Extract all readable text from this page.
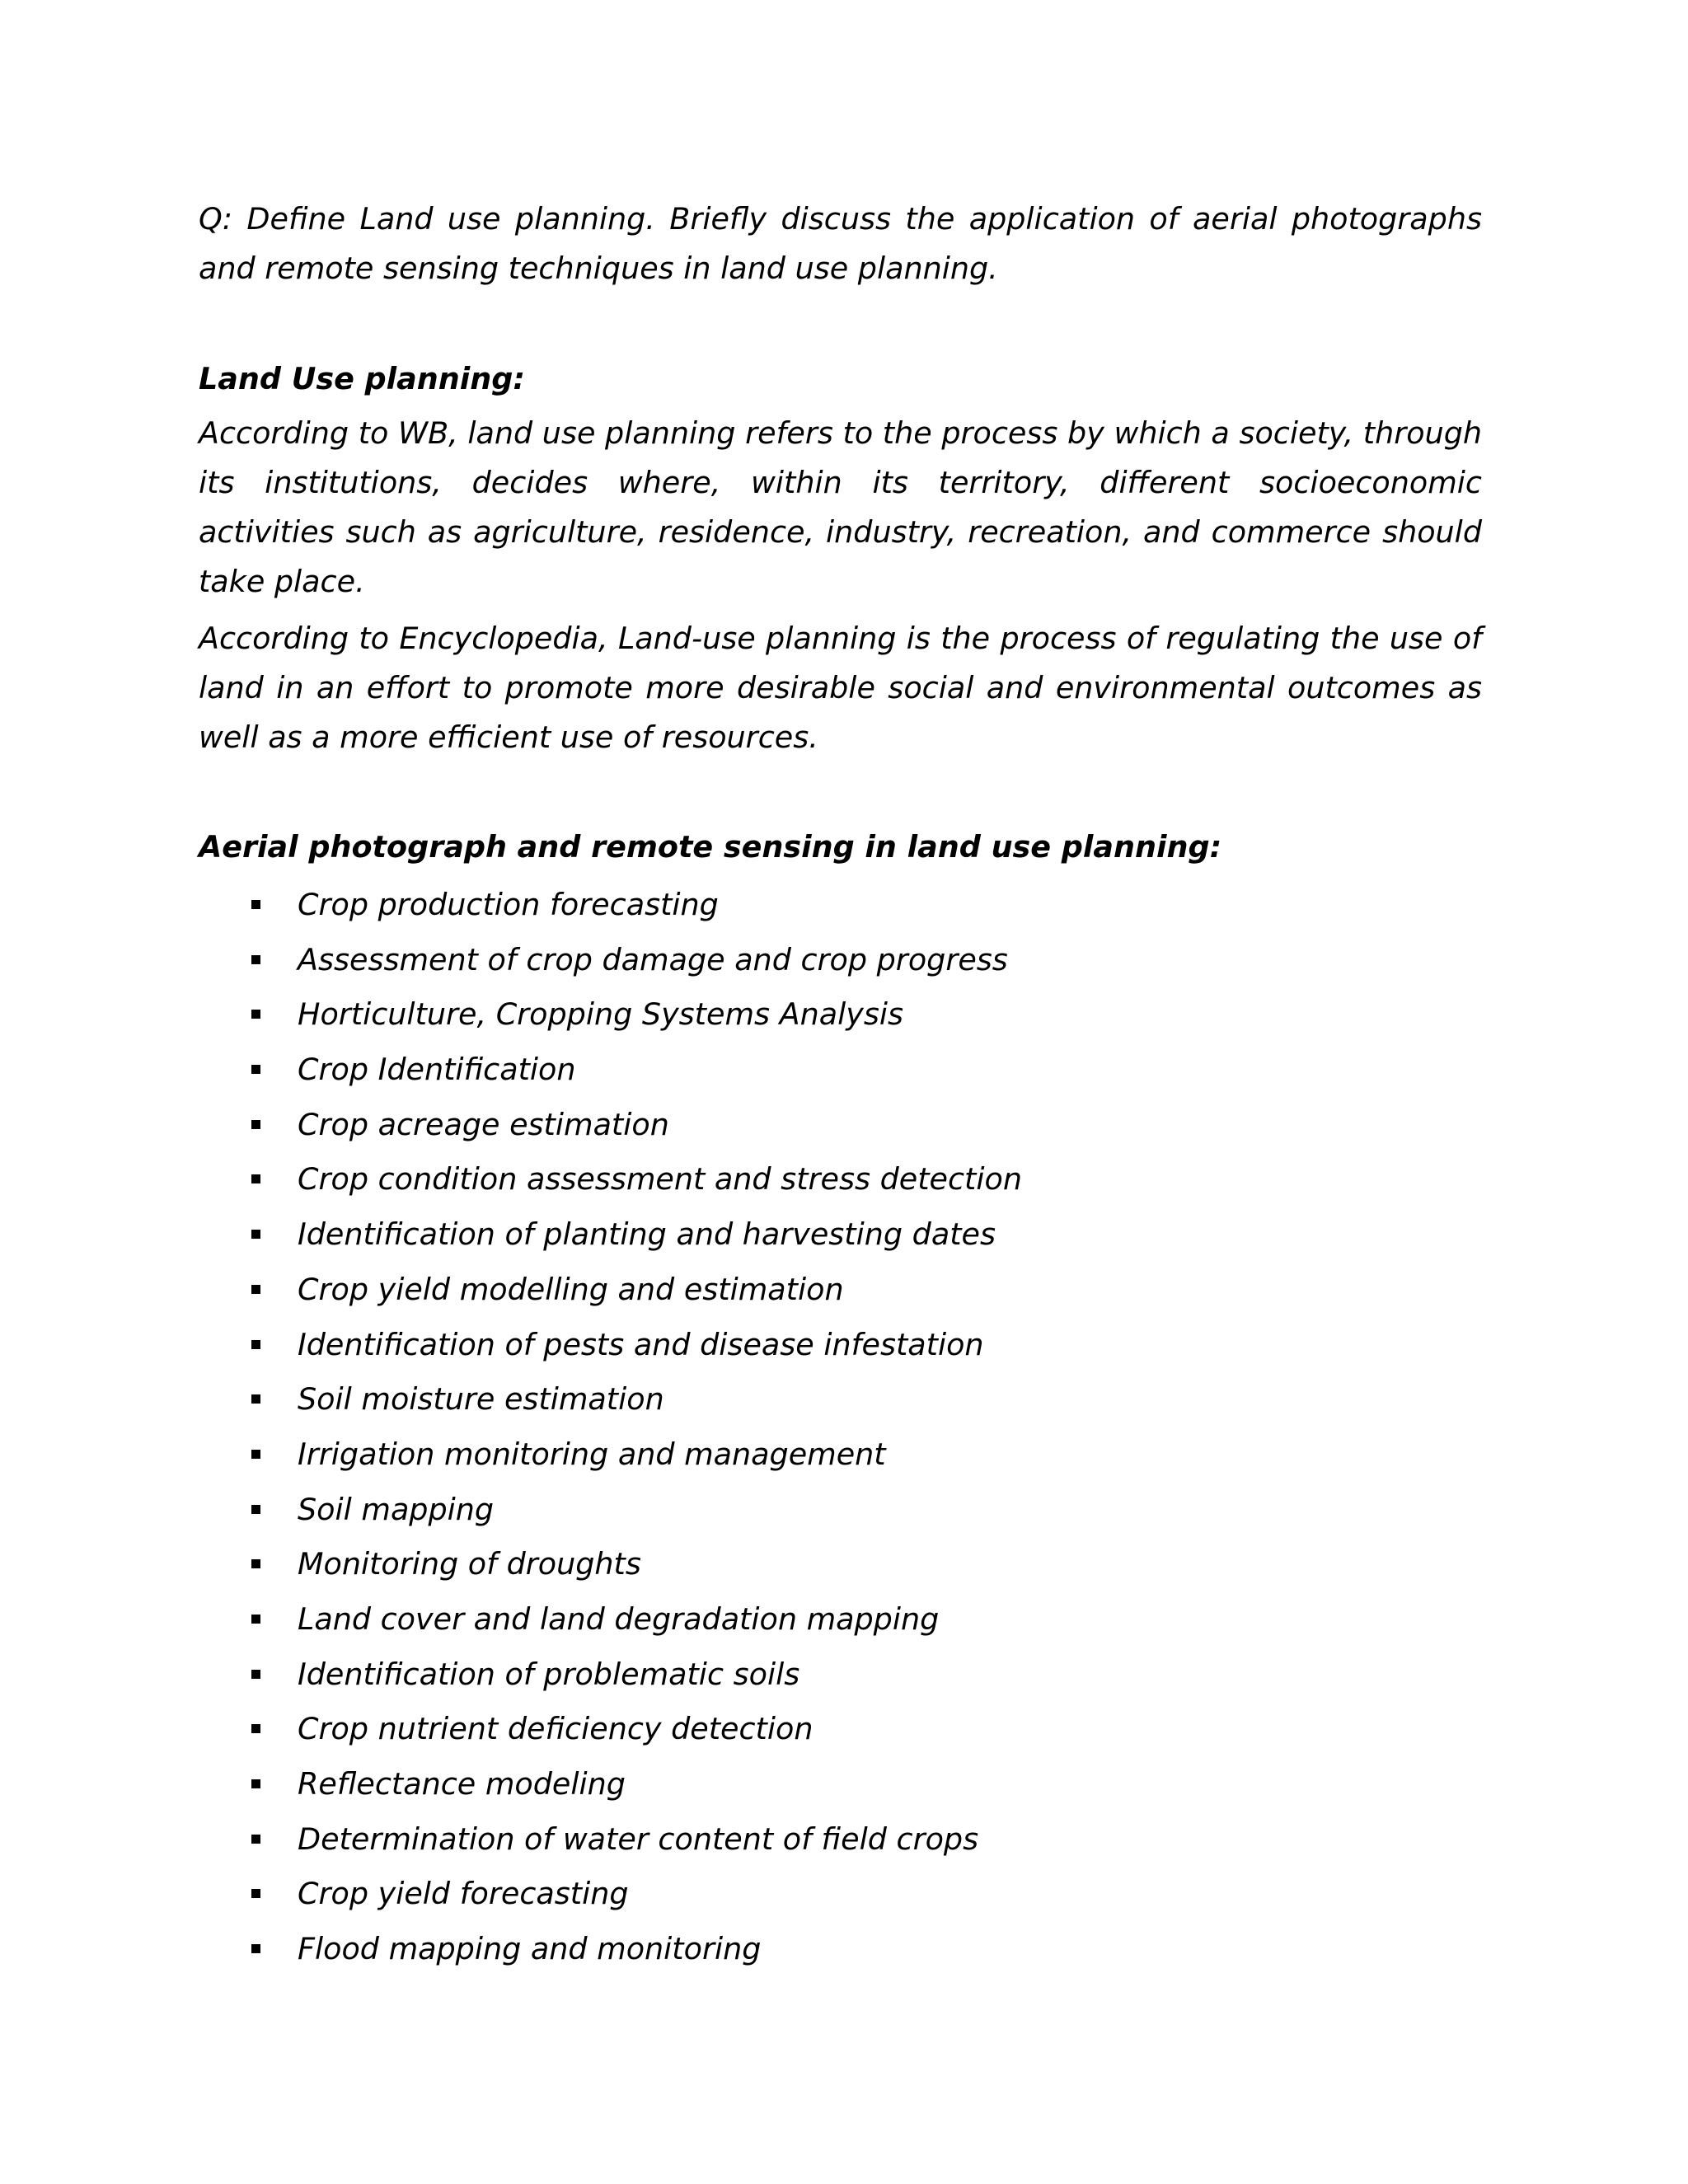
Q: Define Land use planning. Briefly discuss the application of aerial photographs
and remote sensing techniques in land use planning.
Land Use planning:
According to WB, land use planning refers to the process by which a society, through
its institutions, decides where, within its territory, different socioeconomic
activities such as agriculture, residence, industry, recreation, and commerce should
take place.
According to Encyclopedia, Land-use planning is the process of regulating the use of
land in an effort to promote more desirable social and environmental outcomes as
well as a more efficient use of resources.
Aerial photograph and remote sensing in land use planning:
Crop production forecasting
Assessment of crop damage and crop progress
Horticulture, Cropping Systems Analysis
Crop Identification
Crop acreage estimation
Crop condition assessment and stress detection
Identification of planting and harvesting dates
Crop yield modelling and estimation
Identification of pests and disease infestation
Soil moisture estimation
Irrigation monitoring and management
Soil mapping
Monitoring of droughts
Land cover and land degradation mapping
Identification of problematic soils
Crop nutrient deficiency detection
Reflectance modeling
Determination of water content of field crops
Crop yield forecasting
Flood mapping and monitoring
